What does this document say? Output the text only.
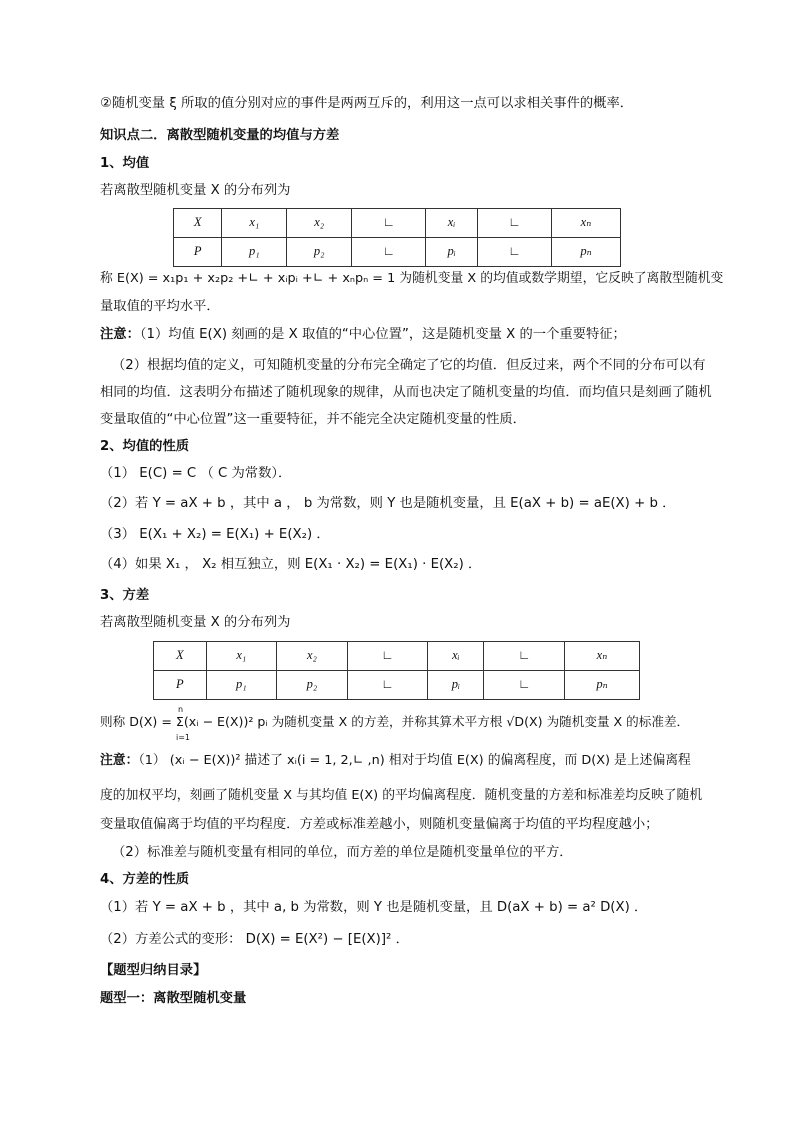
②随机变量 ξ 所取的值分别对应的事件是两两互斥的，利用这一点可以求相关事件的概率．
知识点二．离散型随机变量的均值与方差
1、均值
若离散型随机变量 X 的分布列为
X	x₁	x₂	∟	xᵢ	∟	xₙ
P	p₁	p₂	∟	pᵢ	∟	pₙ
称 E(X) = x₁p₁ + x₂p₂ +∟ + xᵢpᵢ +∟ + xₙpₙ = 1 为随机变量 X 的均值或数学期望，它反映了离散型随机变
量取值的平均水平．
注意：（1）均值 E(X) 刻画的是 X 取值的“中心位置”，这是随机变量 X 的一个重要特征；
（2）根据均值的定义，可知随机变量的分布完全确定了它的均值．但反过来，两个不同的分布可以有
相同的均值．这表明分布描述了随机现象的规律，从而也决定了随机变量的均值．而均值只是刻画了随机
变量取值的“中心位置”这一重要特征，并不能完全决定随机变量的性质．
2、均值的性质
（1） E(C) = C （ C 为常数）．
（2）若 Y = aX + b ，其中 a ， b 为常数，则 Y 也是随机变量，且 E(aX + b) = aE(X) + b ．
（3） E(X₁ + X₂) = E(X₁) + E(X₂) ．
（4）如果 X₁ ， X₂ 相互独立，则 E(X₁ · X₂) = E(X₁) · E(X₂) ．
3、方差
若离散型随机变量 X 的分布列为
X	x₁	x₂	∟	xᵢ	∟	xₙ
P	p₁	p₂	∟	pᵢ	∟	pₙ
n
则称 D(X) = Σ(xᵢ − E(X))² pᵢ 为随机变量 X 的方差，并称其算术平方根 √D(X) 为随机变量 X 的标准差．
i=1
注意：（1） (xᵢ − E(X))² 描述了 xᵢ(i = 1, 2,∟ ,n) 相对于均值 E(X) 的偏离程度，而 D(X) 是上述偏离程
度的加权平均，刻画了随机变量 X 与其均值 E(X) 的平均偏离程度．随机变量的方差和标准差均反映了随机
变量取值偏离于均值的平均程度．方差或标准差越小，则随机变量偏离于均值的平均程度越小；
（2）标准差与随机变量有相同的单位，而方差的单位是随机变量单位的平方．
4、方差的性质
（1）若 Y = aX + b ，其中 a, b 为常数，则 Y 也是随机变量，且 D(aX + b) = a² D(X) ．
（2）方差公式的变形： D(X) = E(X²) − [E(X)]² ．
【题型归纳目录】
题型一：离散型随机变量
